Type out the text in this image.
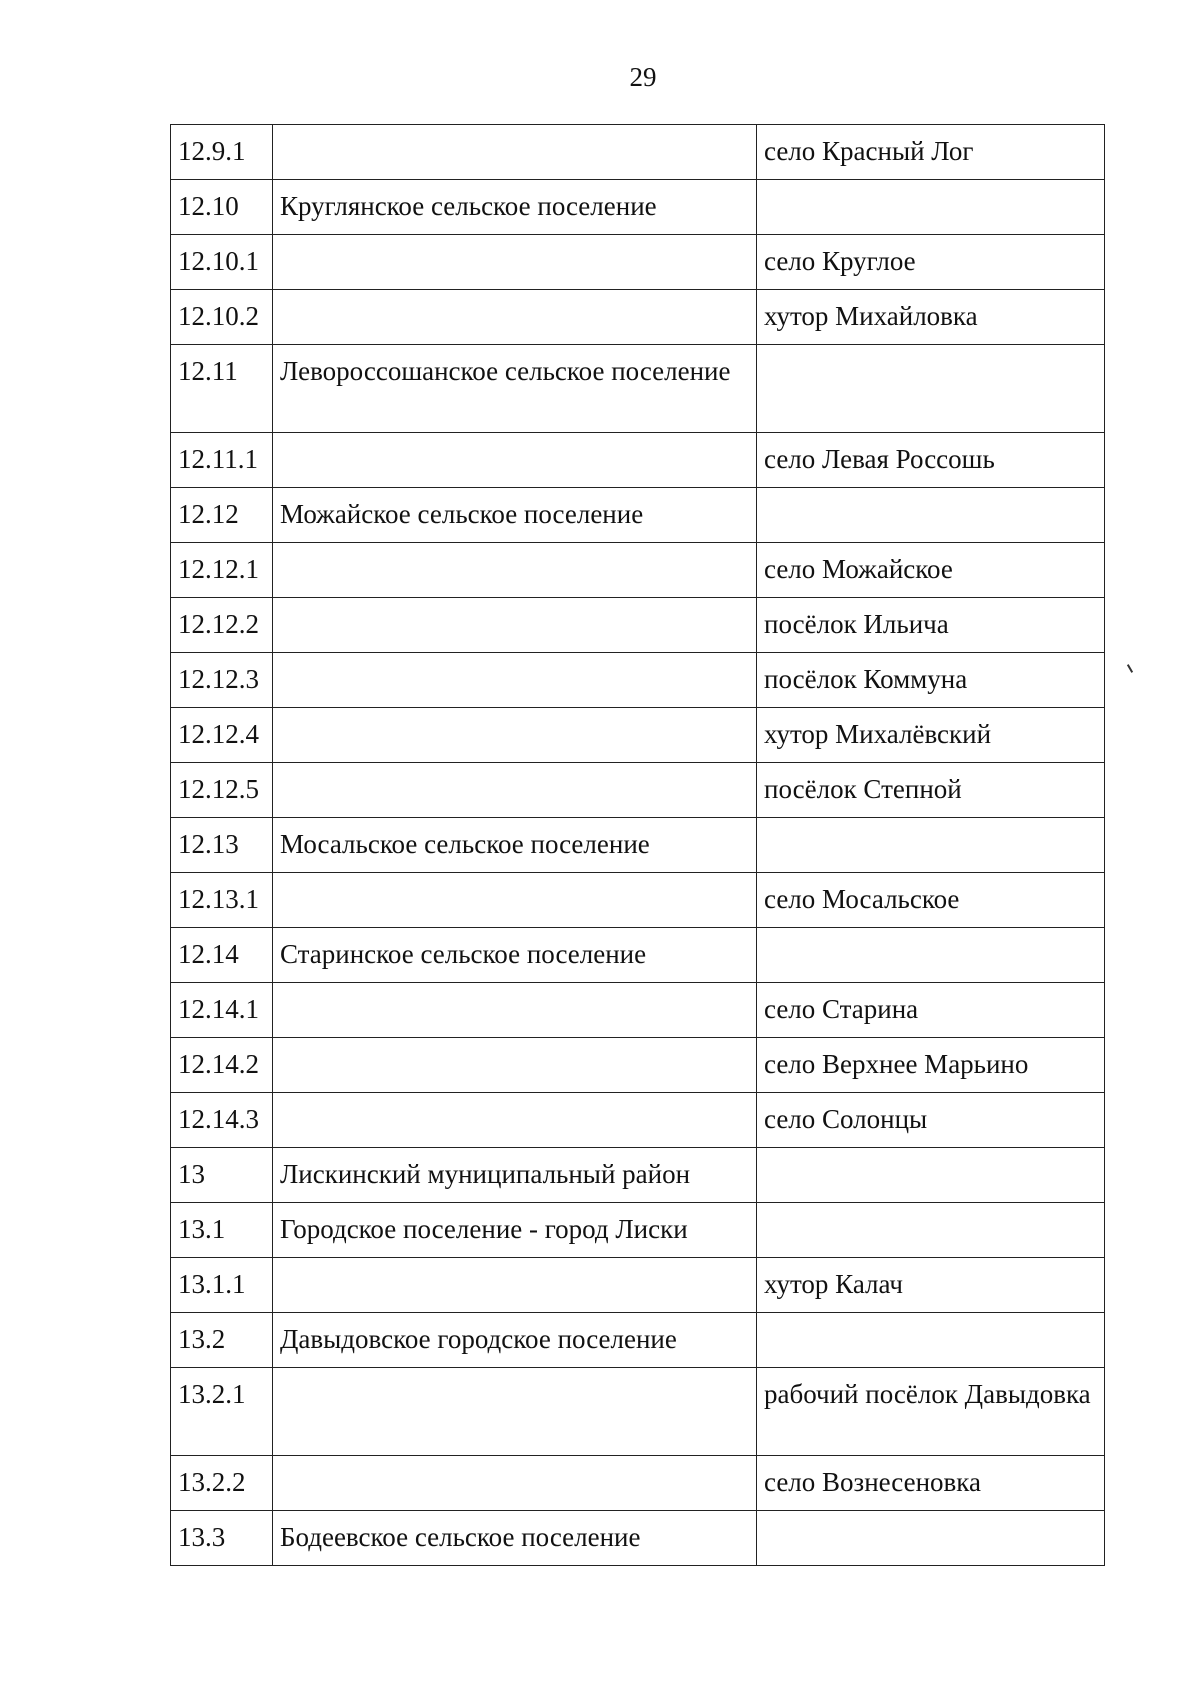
29
12.9.1		село Красный Лог
12.10	Круглянское сельское поселение	
12.10.1		село Круглое
12.10.2		хутор Михайловка
12.11	Левороссошанское сельское поселение	
12.11.1		село Левая Россошь
12.12	Можайское сельское поселение	
12.12.1		село Можайское
12.12.2		посёлок Ильича
12.12.3		посёлок Коммуна
12.12.4		хутор Михалёвский
12.12.5		посёлок Степной
12.13	Мосальское сельское поселение	
12.13.1		село Мосальское
12.14	Старинское сельское поселение	
12.14.1		село Старина
12.14.2		село Верхнее Марьино
12.14.3		село Солонцы
13	Лискинский муниципальный район	
13.1	Городское поселение - город Лиски	
13.1.1		хутор Калач
13.2	Давыдовское городское поселение	
13.2.1		рабочий посёлок Давыдовка
13.2.2		село Вознесеновка
13.3	Бодеевское сельское поселение	
